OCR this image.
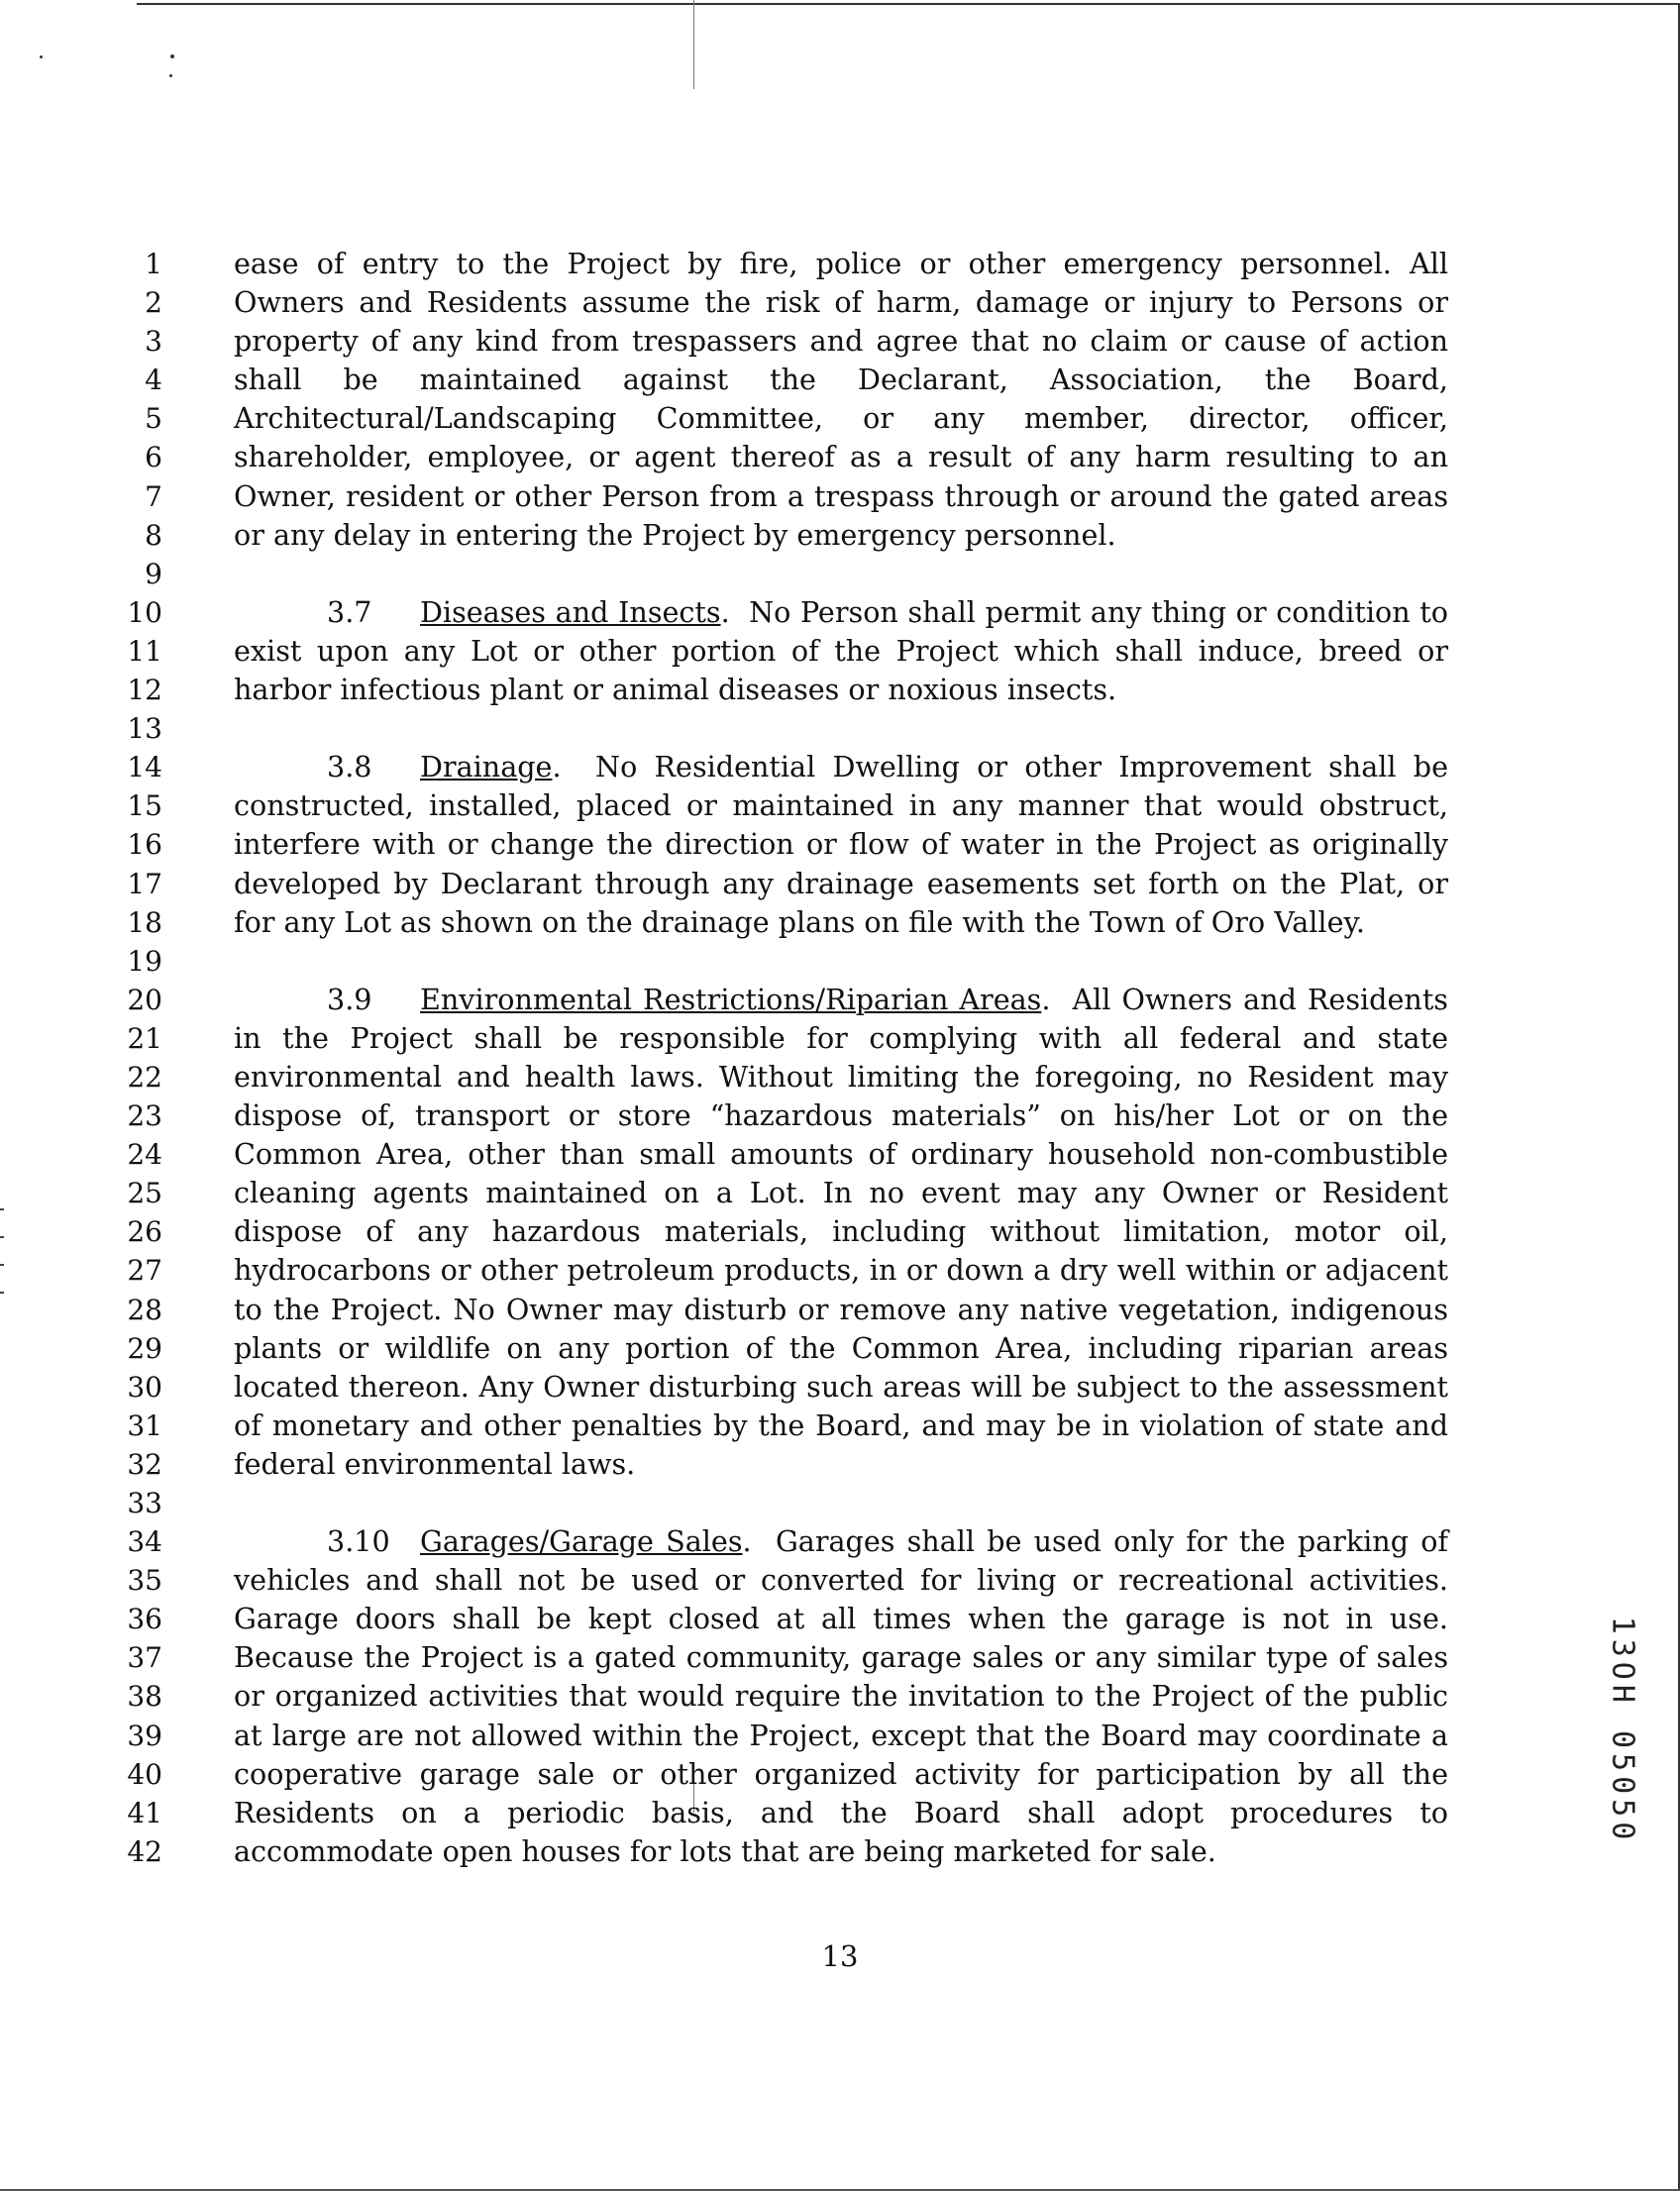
1
2
3
4
5
6
7
8
9
10
11
12
13
14
15
16
17
18
19
20
21
22
23
24
25
26
27
28
29
30
31
32
33
34
35
36
37
38
39
40
41
42

ease of entry to the Project by fire, police or other emergency personnel. All Owners and Residents assume the risk of harm, damage or injury to Persons or property of any kind from trespassers and agree that no claim or cause of action shall be maintained against the Declarant, Association, the Board, Architectural/Landscaping Committee, or any member, director, officer, shareholder, employee, or agent thereof as a result of any harm resulting to an Owner, resident or other Person from a trespass through or around the gated areas or any delay in entering the Project by emergency personnel.

3.7 Diseases and Insects.  No Person shall permit any thing or condition to exist upon any Lot or other portion of the Project which shall induce, breed or harbor infectious plant or animal diseases or noxious insects.

3.8 Drainage.  No Residential Dwelling or other Improvement shall be constructed, installed, placed or maintained in any manner that would obstruct, interfere with or change the direction or flow of water in the Project as originally developed by Declarant through any drainage easements set forth on the Plat, or for any Lot as shown on the drainage plans on file with the Town of Oro Valley.

3.9 Environmental Restrictions/Riparian Areas.  All Owners and Residents in the Project shall be responsible for complying with all federal and state environmental and health laws. Without limiting the foregoing, no Resident may dispose of, transport or store “hazardous materials” on his/her Lot or on the Common Area, other than small amounts of ordinary household non-combustible cleaning agents maintained on a Lot. In no event may any Owner or Resident dispose of any hazardous materials, including without limitation, motor oil, hydrocarbons or other petroleum products, in or down a dry well within or adjacent to the Project. No Owner may disturb or remove any native vegetation, indigenous plants or wildlife on any portion of the Common Area, including riparian areas located thereon. Any Owner disturbing such areas will be subject to the assessment of monetary and other penalties by the Board, and may be in violation of state and federal environmental laws.

3.10 Garages/Garage Sales.  Garages shall be used only for the parking of vehicles and shall not be used or converted for living or recreational activities. Garage doors shall be kept closed at all times when the garage is not in use. Because the Project is a gated community, garage sales or any similar type of sales or organized activities that would require the invitation to the Project of the public at large are not allowed within the Project, except that the Board may coordinate a cooperative garage sale or other organized activity for participation by all the Residents on a periodic basis, and the Board shall adopt procedures to accommodate open houses for lots that are being marketed for sale.

13
13OH 05050
